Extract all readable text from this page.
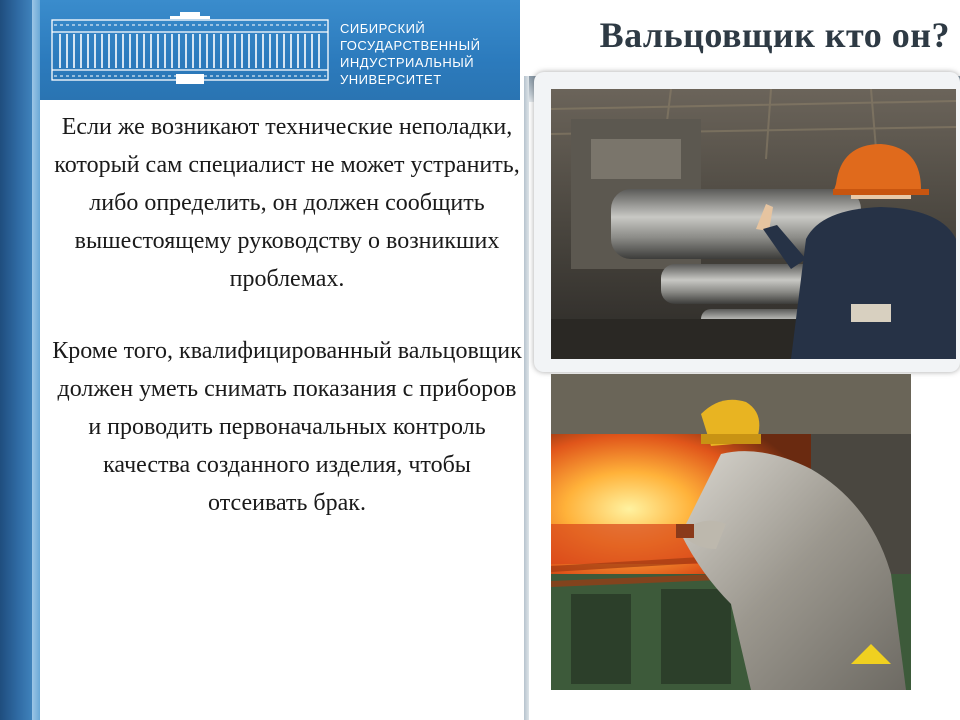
СИБИРСКИЙ
ГОСУДАРСТВЕННЫЙ
ИНДУСТРИАЛЬНЫЙ
УНИВЕРСИТЕТ
Вальцовщик кто он?

Если же возникают технические неполадки, который сам специалист не может устранить, либо определить, он должен сообщить вышестоящему руководству о возникших проблемах.

Кроме того, квалифицированный вальцовщик должен уметь снимать показания с приборов и проводить первоначальных контроль качества созданного изделия, чтобы отсеивать брак.
